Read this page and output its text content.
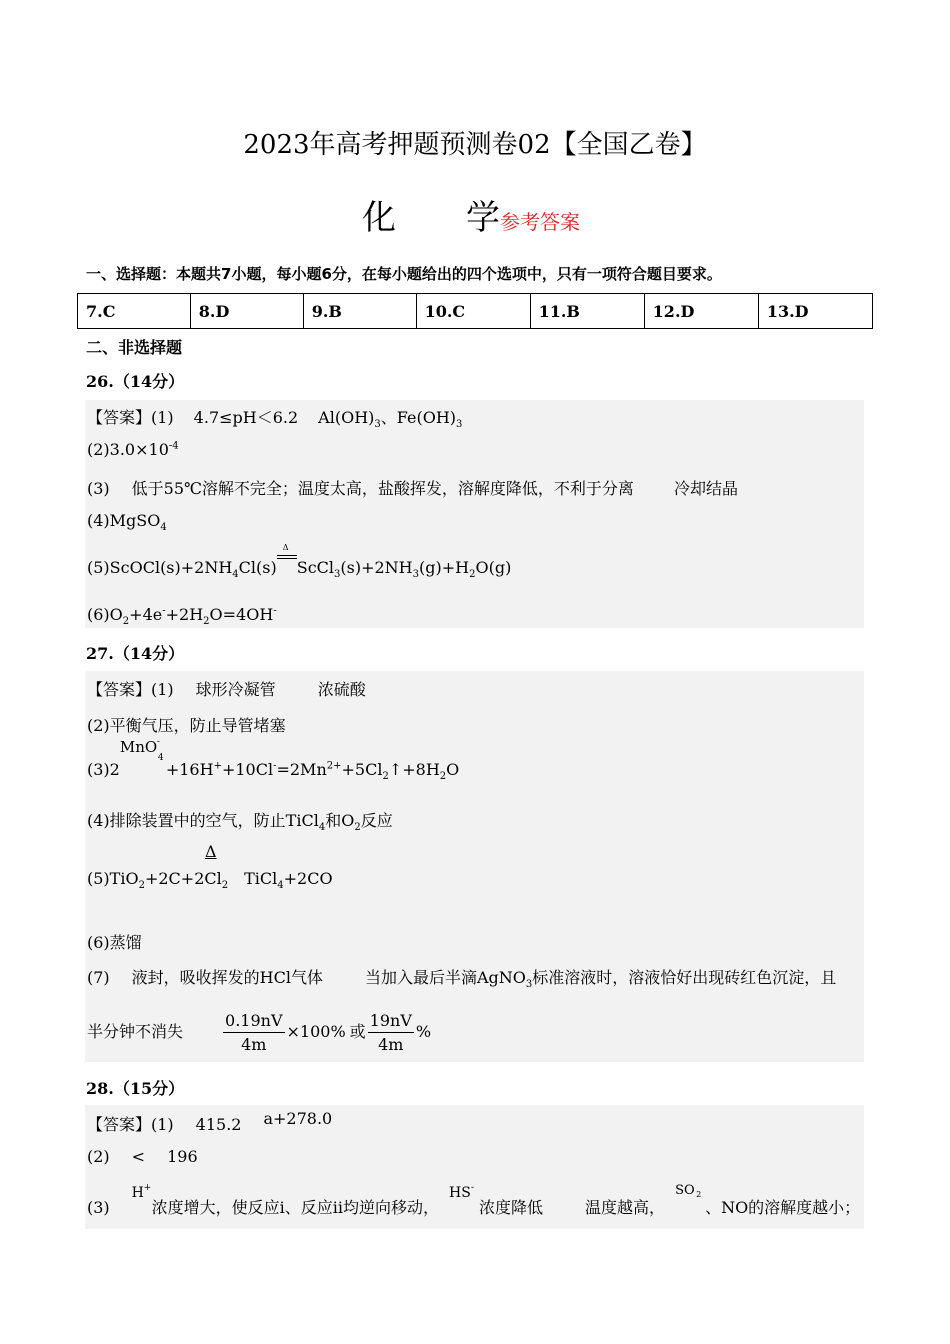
2023年高考押题预测卷02【全国乙卷】
化 学参考答案
一、选择题：本题共7小题，每小题6分，在每小题给出的四个选项中，只有一项符合题目要求。
7.C	8.D	9.B	10.C	11.B	12.D	13.D
二、非选择题
26.（14分）
【答案】(1) 4.7≤pH＜6.2 $Al(OH)_3$、$Fe(OH)_3$
$(2)3.0\times 10^{-4}$
(3) 低于55℃溶解不完全；温度太高，盐酸挥发，溶解度降低，不利于分离	冷却结晶
(4)MgSO$_4$
$(5)ScOCl(s)+2NH_4Cl(s)$
Δ
$ScCl_3(s)+2NH_3(g)+H_2O(g)$
$(6)O_2+4e^-+2H_2O=4OH^-$
27.（14分）
【答案】(1) 球形冷凝管	浓硫酸
(2)平衡气压，防止导管堵塞
(3)2
MnO -
4
$+16H^++10Cl^-=2Mn^{2+}+5Cl_2↑+8H_2O$
(4)排除装置中的空气，防止TiCl$_4$和$O_2$反应
Δ
$(5)TiO_2+2C+2Cl_2$ TiCl$_4$+2CO
(6)蒸馏
(7) 液封，吸收挥发的HCl气体	当加入最后半滴AgNO$_3$标准溶液时，溶液恰好出现砖红色沉淀，且
半分钟不消失	$\frac{0.19nV}{4m} \times 100\%$ 或 $\frac{19nV}{4m}$ %
28.（15分）
【答案】(1) 415.2 a+278.0
(2) < 196
(3)
H +
浓度增大，使反应i、反应ii均逆向移动，
HS -
浓度降低	温度越高，
SO 2
、NO的溶解度越小；
